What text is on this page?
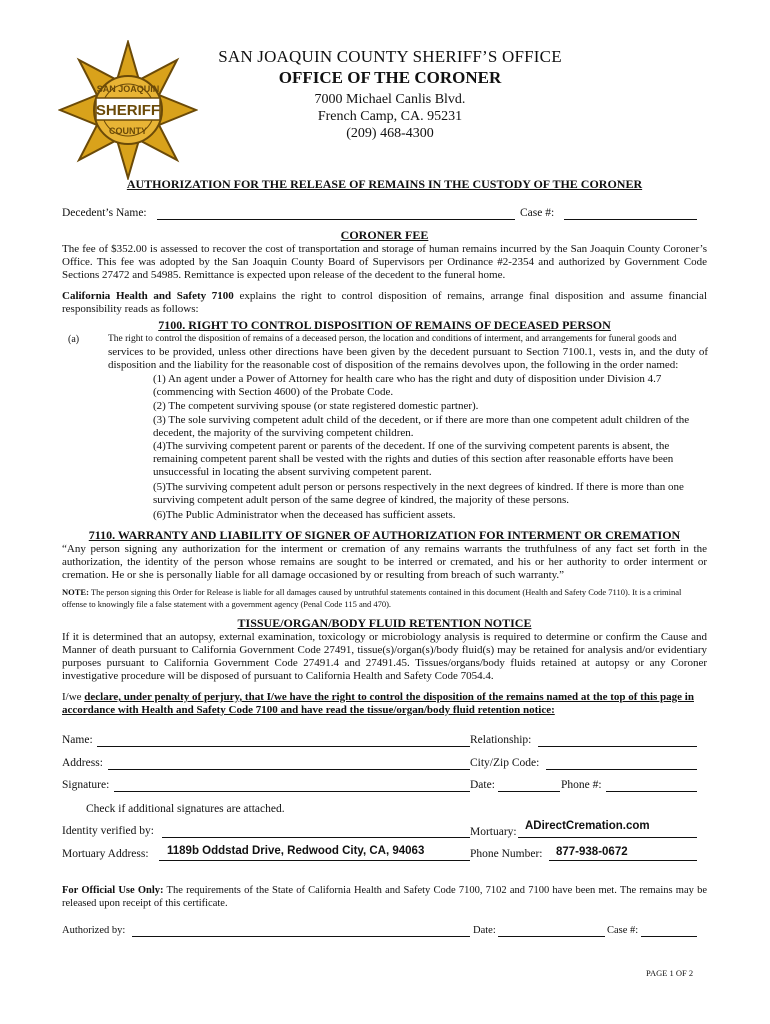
SHERIFF
SAN JOAQUIN
COUNTY
SAN JOAQUIN COUNTY SHERIFF’S OFFICE
OFFICE OF THE CORONER
7000 Michael Canlis Blvd.
French Camp, CA. 95231
(209) 468-4300
AUTHORIZATION FOR THE RELEASE OF REMAINS IN THE CUSTODY OF THE CORONER
Decedent’s Name:	Case #:
CORONER FEE
The fee of $352.00 is assessed to recover the cost of transportation and storage of human remains incurred by the San Joaquin County Coroner’s Office. This fee was adopted by the San Joaquin County Board of Supervisors per Ordinance #2-2354 and authorized by Government Code Sections 27472 and 54985. Remittance is expected upon release of the decedent to the funeral home.
California Health and Safety 7100 explains the right to control disposition of remains, arrange final disposition and assume financial responsibility reads as follows:
7100. RIGHT TO CONTROL DISPOSITION OF REMAINS OF DECEASED PERSON
(a)	The right to control the disposition of remains of a deceased person, the location and conditions of interment, and arrangements for funeral goods and
services to be provided, unless other directions have been given by the decedent pursuant to Section 7100.1, vests in, and the duty of disposition and the liability for the reasonable cost of disposition of the remains devolves upon, the following in the order named:
(1) An agent under a Power of Attorney for health care who has the right and duty of disposition under Division 4.7 (commencing with Section 4600) of the Probate Code.
(2) The competent surviving spouse (or state registered domestic partner).
(3) The sole surviving competent adult child of the decedent, or if there are more than one competent adult children of the decedent, the majority of the surviving competent children.
(4)The surviving competent parent or parents of the decedent. If one of the surviving competent parents is absent, the remaining competent parent shall be vested with the rights and duties of this section after reasonable efforts have been unsuccessful in locating the absent surviving competent parent.
(5)The surviving competent adult person or persons respectively in the next degrees of kindred. If there is more than one surviving competent adult person of the same degree of kindred, the majority of these persons.
(6)The Public Administrator when the deceased has sufficient assets.
7110. WARRANTY AND LIABILITY OF SIGNER OF AUTHORIZATION FOR INTERMENT OR CREMATION
“Any person signing any authorization for the interment or cremation of any remains warrants the truthfulness of any fact set forth in the authorization, the identity of the person whose remains are sought to be interred or cremated, and his or her authority to order interment or cremation. He or she is personally liable for all damage occasioned by or resulting from breach of such warranty.”
NOTE: The person signing this Order for Release is liable for all damages caused by untruthful statements contained in this document (Health and Safety Code 7110). It is a criminal offense to knowingly file a false statement with a government agency (Penal Code 115 and 470).
TISSUE/ORGAN/BODY FLUID RETENTION NOTICE
If it is determined that an autopsy, external examination, toxicology or microbiology analysis is required to determine or confirm the Cause and Manner of death pursuant to California Government Code 27491, tissue(s)/organ(s)/body fluid(s) may be retained for analysis and/or evidentiary purposes pursuant to California Government Code 27491.4 and 27491.45. Tissues/organs/body fluids retained at autopsy or any Coroner investigative procedure will be disposed of pursuant to California Health and Safety Code 7054.4.
I/we declare, under penalty of perjury, that I/we have the right to control the disposition of the remains named at the top of this page in accordance with Health and Safety Code 7100 and have read the tissue/organ/body fluid retention notice:
Name:	Relationship:
Address:	City/Zip Code:
Signature:	Date:	Phone #:
Check if additional signatures are attached.
Identity verified by:	Mortuary: ADirectCremation.com
Mortuary Address: 1189b Oddstad Drive, Redwood City, CA, 94063	Phone Number: 877-938-0672
For Official Use Only: The requirements of the State of California Health and Safety Code 7100, 7102 and 7100 have been met. The remains may be released upon receipt of this certificate.
Authorized by:	Date:	Case #:
PAGE 1 OF 2
